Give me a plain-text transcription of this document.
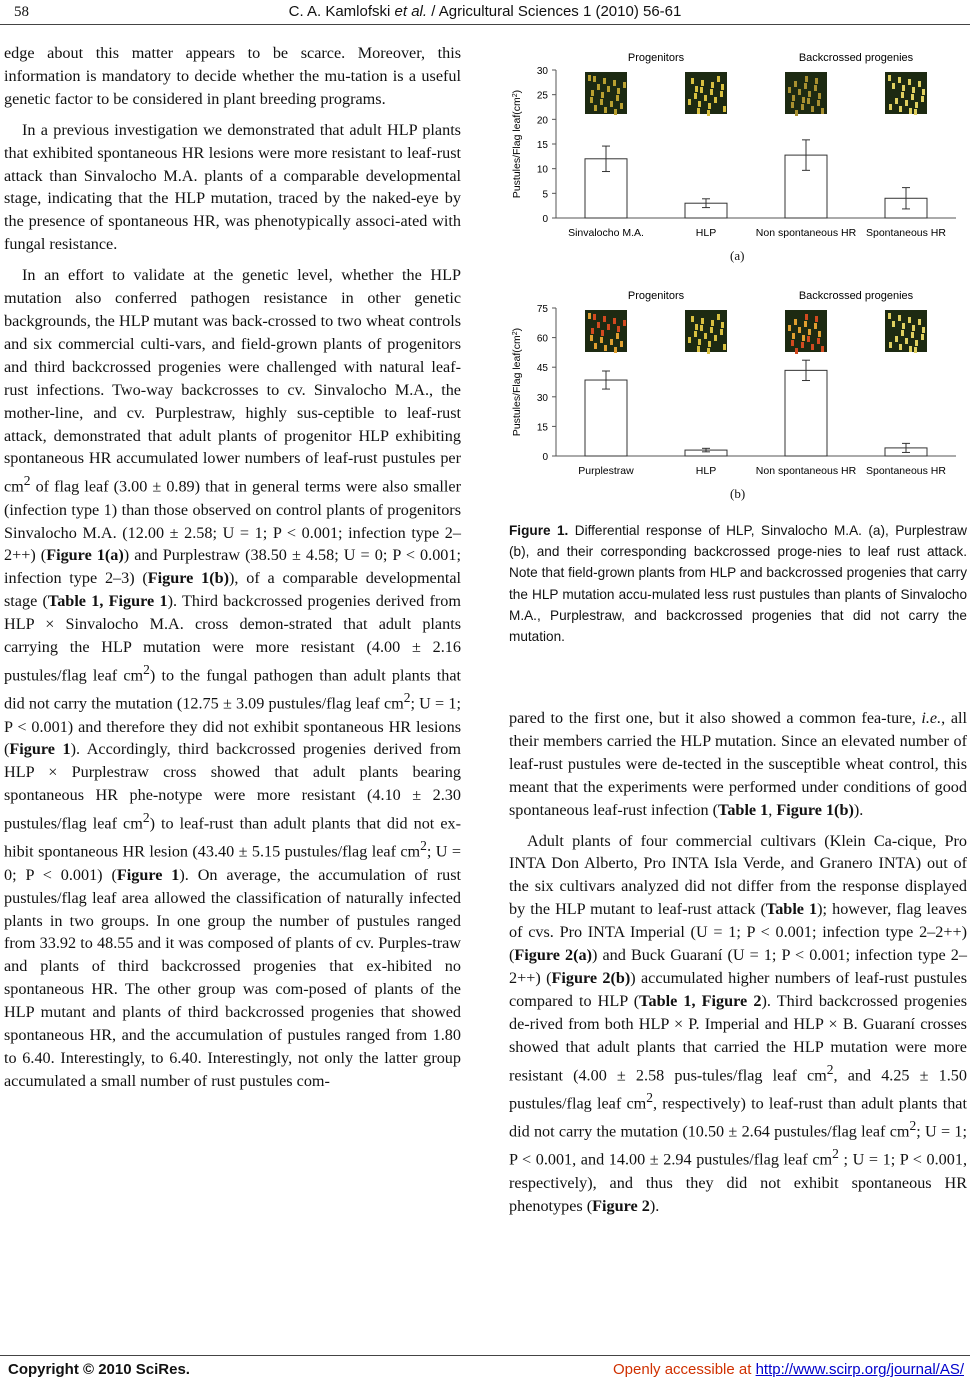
58	C. A. Kamlofski et al. / Agricultural Sciences 1 (2010) 56-61

edge about this matter appears to be scarce. Moreover, this information is mandatory to decide whether the mu-tation is a useful genetic factor to be considered in plant breeding programs.

In a previous investigation we demonstrated that adult HLP plants that exhibited spontaneous HR lesions were more resistant to leaf-rust attack than Sinvalocho M.A. plants of a comparable developmental stage, indicating that the HLP mutation, traced by the naked-eye by the presence of spontaneous HR, was phenotypically associ-ated with fungal resistance.

In an effort to validate at the genetic level, whether the HLP mutation also conferred pathogen resistance in other genetic backgrounds, the HLP mutant was back-crossed to two wheat controls and six commercial culti-vars, and field-grown plants of progenitors and third backcrossed progenies were challenged with natural leaf-rust infections. Two-way backcrosses to cv. Sinvalocho M.A., the mother-line, and cv. Purplestraw, highly sus-ceptible to leaf-rust attack, demonstrated that adult plants of progenitor HLP exhibiting spontaneous HR accumulated lower numbers of leaf-rust pustules per $cm^2$ of flag leaf (3.00 ± 0.89) that in general terms were also smaller (infection type 1) than those observed on control plants of progenitors Sinvalocho M.A. (12.00 ± 2.58; U = 1; P < 0.001; infection type 2–2++) (Figure 1(a)) and Purplestraw (38.50 ± 4.58; U = 0; P < 0.001; infection type 2–3) (Figure 1(b)), of a comparable developmental stage (Table 1, Figure 1). Third backcrossed progenies derived from HLP × Sinvalocho M.A. cross demon-strated that adult plants carrying the HLP mutation were more resistant (4.00 ± 2.16 pustules/flag leaf $cm^2$) to the fungal pathogen than adult plants that did not carry the mutation (12.75 ± 3.09 pustules/flag leaf $cm^2$; U = 1; P < 0.001) and therefore they did not exhibit spontaneous HR lesions (Figure 1). Accordingly, third backcrossed progenies derived from HLP × Purplestraw cross showed that adult plants bearing spontaneous HR phe-notype were more resistant (4.10 ± 2.30 pustules/flag leaf $cm^2$) to leaf-rust than adult plants that did not ex-hibit spontaneous HR lesion (43.40 ± 5.15 pustules/flag leaf $cm^2$; U = 0; P < 0.001) (Figure 1). On average, the accumulation of rust pustules/flag leaf area allowed the classification of naturally infected plants in two groups. In one group the number of pustules ranged from 33.92 to 48.55 and it was composed of plants of cv. Purples-traw and plants of third backcrossed progenies that ex-hibited no spontaneous HR. The other group was com-posed of plants of the HLP mutant and plants of third backcrossed progenies that showed spontaneous HR, and the accumulation of pustules ranged from 1.80 to 6.40. Interestingly, to 6.40. Interestingly, not only the latter group accumulated a small number of rust pustules com-

Progenitors	Backcrossed progenies
0
5
10
15
20
25
30
Pustules/Flag $leaf(cm^2)$
Sinvalocho M.A.	HLP	Non spontaneous HR Spontaneous HR
(a)
Progenitors	Backcrossed progenies
0
15
30
45
60
75
Pustules/Flag $leaf(cm^2)$
Purplestraw	HLP	Non spontaneous HR Spontaneous HR
(b)
Figure 1. Differential response of HLP, Sinvalocho M.A. (a), Purplestraw (b), and their corresponding backcrossed proge-nies to leaf rust attack. Note that field-grown plants from HLP and backcrossed progenies that carry the HLP mutation accu-mulated less rust pustules than plants of Sinvalocho M.A., Purplestraw, and backcrossed progenies that did not carry the mutation.

pared to the first one, but it also showed a common fea-ture, i.e., all their members carried the HLP mutation. Since an elevated number of leaf-rust pustules were de-tected in the susceptible wheat control, this meant that the experiments were performed under conditions of good spontaneous leaf-rust infection (Table 1, Figure 1(b)).

Adult plants of four commercial cultivars (Klein Ca-cique, Pro INTA Don Alberto, Pro INTA Isla Verde, and Granero INTA) out of the six cultivars analyzed did not differ from the response displayed by the HLP mutant to leaf-rust attack (Table 1); however, flag leaves of cvs. Pro INTA Imperial (U = 1; P < 0.001; infection type 2–2++) (Figure 2(a)) and Buck Guaraní (U = 1; P < 0.001; infection type 2–2++) (Figure 2(b)) accumulated higher numbers of leaf-rust pustules compared to HLP (Table 1, Figure 2). Third backcrossed progenies de-rived from both HLP × P. Imperial and HLP × B. Guaraní crosses showed that adult plants that carried the HLP mutation were more resistant (4.00 ± 2.58 pus-tules/flag leaf $cm^2$, and 4.25 ± 1.50 pustules/flag leaf $cm^2$, respectively) to leaf-rust than adult plants that did not carry the mutation (10.50 ± 2.64 pustules/flag leaf $cm^2$; U = 1; P < 0.001, and 14.00 ± 2.94 pustules/flag leaf $cm^2$ ; U = 1; P < 0.001, respectively), and thus they did not exhibit spontaneous HR phenotypes (Figure 2).

Copyright © 2010 SciRes.	Openly accessible at http://www.scirp.org/journal/AS/
